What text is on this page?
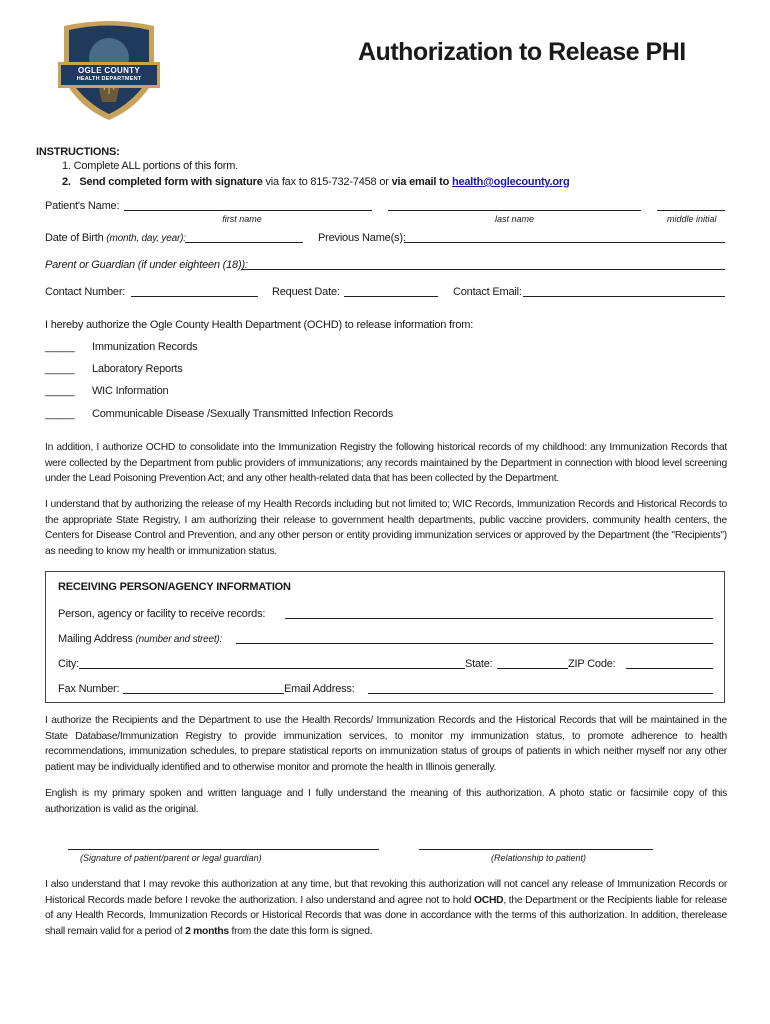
OGLE COUNTY
HEALTH DEPARTMENT
Authorization to Release PHI
INSTRUCTIONS:
1. Complete ALL portions of this form.
2. Send completed form with signature via fax to 815-732-7458 or via email to health@oglecounty.org
Patient's Name:
first name	last name	middle initial
Date of Birth (month, day, year):	Previous Name(s):
Parent or Guardian (if under eighteen (18)):
Contact Number:	Request Date:	Contact Email:
I hereby authorize the Ogle County Health Department (OCHD) to release information from:
_____ Immunization Records
_____ Laboratory Reports
_____ WIC Information
_____ Communicable Disease /Sexually Transmitted Infection Records

In addition, I authorize OCHD to consolidate into the Immunization Registry the following historical records of my childhood: any Immunization Records that were collected by the Department from public providers of immunizations; any records maintained by the Department in connection with blood level screening under the Lead Poisoning Prevention Act; and any other health-related data that has been collected by the Department.

I understand that by authorizing the release of my Health Records including but not limited to; WIC Records, Immunization Records and Historical Records to the appropriate State Registry, I am authorizing their release to government health departments, public vaccine providers, community health centers, the Centers for Disease Control and Prevention, and any other person or entity providing immunization services or approved by the Department (the "Recipients") as needing to know my health or immunization status.

RECEIVING PERSON/AGENCY INFORMATION
Person, agency or facility to receive records:
Mailing Address (number and street):
City:	State:	ZIP Code:
Fax Number:	Email Address:

I authorize the Recipients and the Department to use the Health Records/ Immunization Records and the Historical Records that will be maintained in the State Database/Immunization Registry to provide immunization services, to monitor my immunization status, to promote adherence to health recommendations, immunization schedules, to prepare statistical reports on immunization status of groups of patients in which neither myself nor any other patient may be individually identified and to otherwise monitor and promote the health in Illinois generally.

English is my primary spoken and written language and I fully understand the meaning of this authorization. A photo static or facsimile copy of this authorization is valid as the original.

(Signature of patient/parent or legal guardian)	(Relationship to patient)

I also understand that I may revoke this authorization at any time, but that revoking this authorization will not cancel any release of Immunization Records or Historical Records made before I revoke the authorization. I also understand and agree not to hold OCHD, the Department or the Recipients liable for release of any Health Records, Immunization Records or Historical Records that was done in accordance with the terms of this authorization. In addition, therelease shall remain valid for a period of 2 months from the date this form is signed.
